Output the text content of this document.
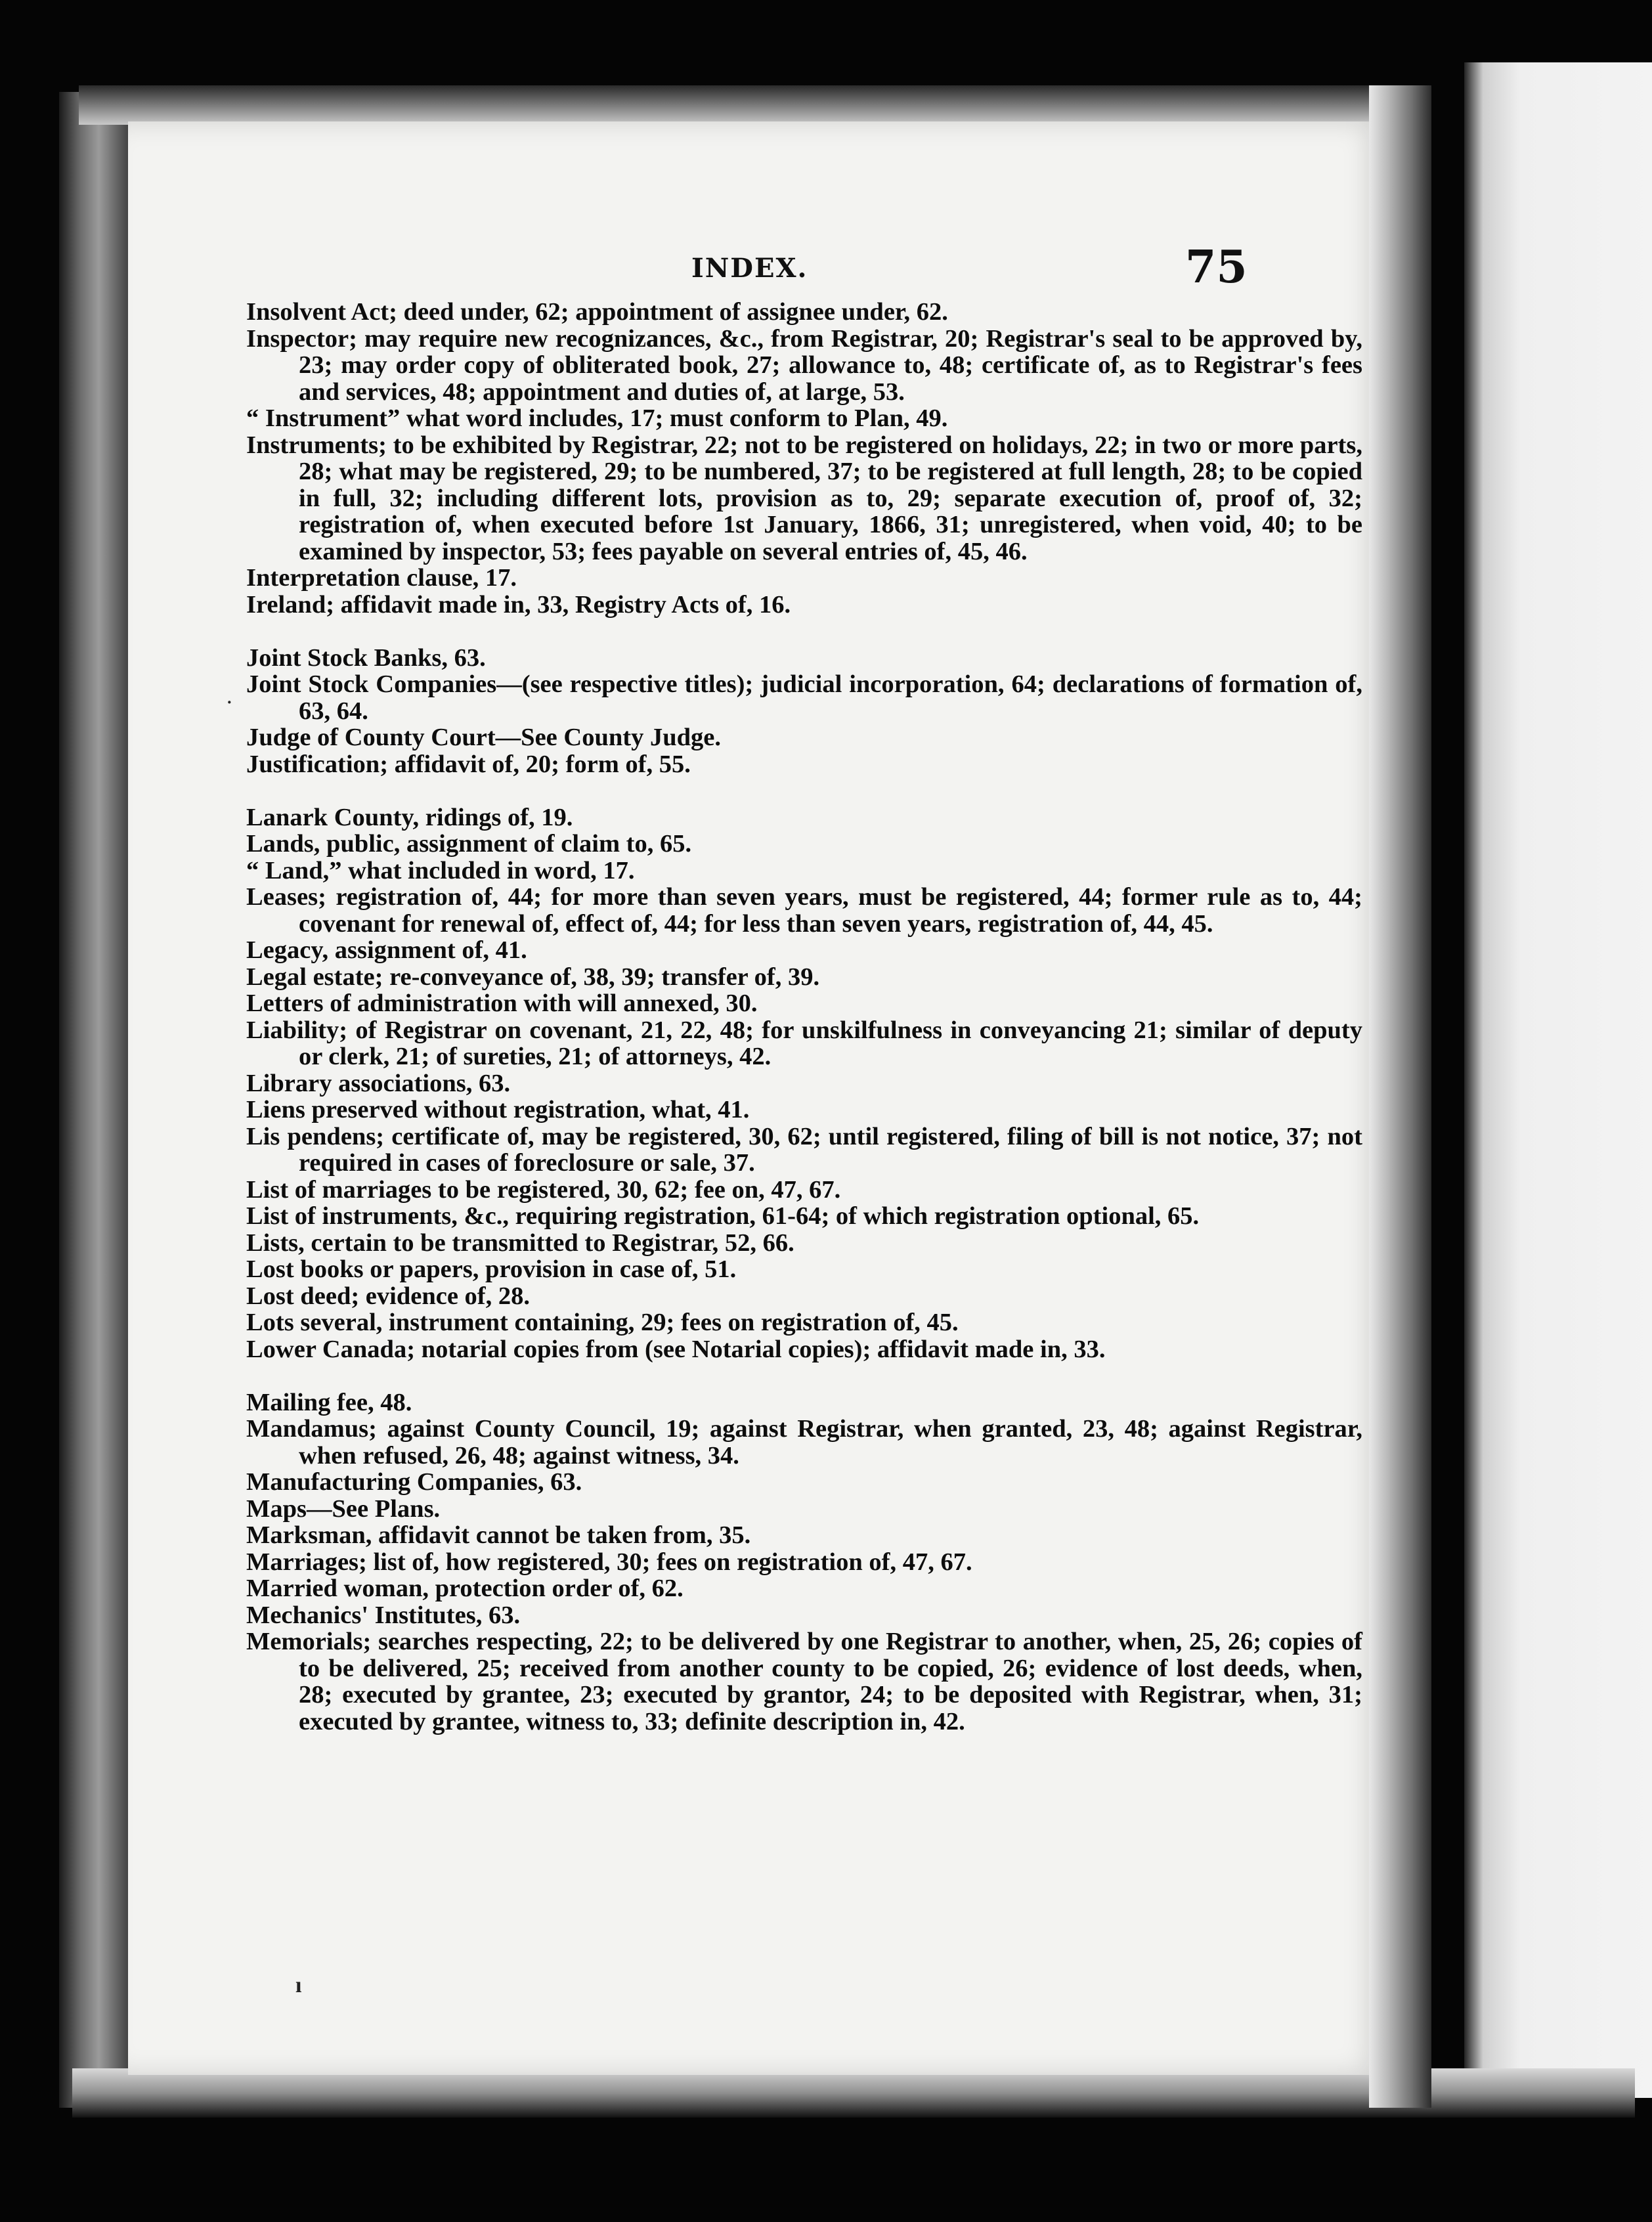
INDEX.	75

Insolvent Act; deed under, 62; appointment of assignee under, 62.

Inspector; may require new recognizances, &c., from Registrar, 20; Registrar's seal to be approved by, 23; may order copy of obliterated book, 27; allowance to, 48; certificate of, as to Registrar's fees and services, 48; appointment and duties of, at large, 53.

“ Instrument” what word includes, 17; must conform to Plan, 49.

Instruments; to be exhibited by Registrar, 22; not to be registered on holidays, 22; in two or more parts, 28; what may be registered, 29; to be numbered, 37; to be registered at full length, 28; to be copied in full, 32; including different lots, provision as to, 29; separate execution of, proof of, 32; registration of, when executed before 1st January, 1866, 31; unregistered, when void, 40; to be examined by inspector, 53; fees payable on several entries of, 45, 46.

Interpretation clause, 17.

Ireland; affidavit made in, 33, Registry Acts of, 16.

Joint Stock Banks, 63.

Joint Stock Companies—(see respective titles); judicial incorporation, 64; declarations of formation of, 63, 64.

Judge of County Court—See County Judge.

Justification; affidavit of, 20; form of, 55.

Lanark County, ridings of, 19.

Lands, public, assignment of claim to, 65.

“ Land,” what included in word, 17.

Leases; registration of, 44; for more than seven years, must be registered, 44; former rule as to, 44; covenant for renewal of, effect of, 44; for less than seven years, registration of, 44, 45.

Legacy, assignment of, 41.

Legal estate; re-conveyance of, 38, 39; transfer of, 39.

Letters of administration with will annexed, 30.

Liability; of Registrar on covenant, 21, 22, 48; for unskilfulness in conveyancing 21; similar of deputy or clerk, 21; of sureties, 21; of attorneys, 42.

Library associations, 63.

Liens preserved without registration, what, 41.

Lis pendens; certificate of, may be registered, 30, 62; until registered, filing of bill is not notice, 37; not required in cases of foreclosure or sale, 37.

List of marriages to be registered, 30, 62; fee on, 47, 67.

List of instruments, &c., requiring registration, 61-64; of which registration optional, 65.

Lists, certain to be transmitted to Registrar, 52, 66.

Lost books or papers, provision in case of, 51.

Lost deed; evidence of, 28.

Lots several, instrument containing, 29; fees on registration of, 45.

Lower Canada; notarial copies from (see Notarial copies); affidavit made in, 33.

Mailing fee, 48.

Mandamus; against County Council, 19; against Registrar, when granted, 23, 48; against Registrar, when refused, 26, 48; against witness, 34.

Manufacturing Companies, 63.

Maps—See Plans.

Marksman, affidavit cannot be taken from, 35.

Marriages; list of, how registered, 30; fees on registration of, 47, 67.

Married woman, protection order of, 62.

Mechanics' Institutes, 63.

Memorials; searches respecting, 22; to be delivered by one Registrar to another, when, 25, 26; copies of to be delivered, 25; received from another county to be copied, 26; evidence of lost deeds, when, 28; executed by grantee, 23; executed by grantor, 24; to be deposited with Registrar, when, 31; executed by grantee, witness to, 33; definite description in, 42.

ı
·
